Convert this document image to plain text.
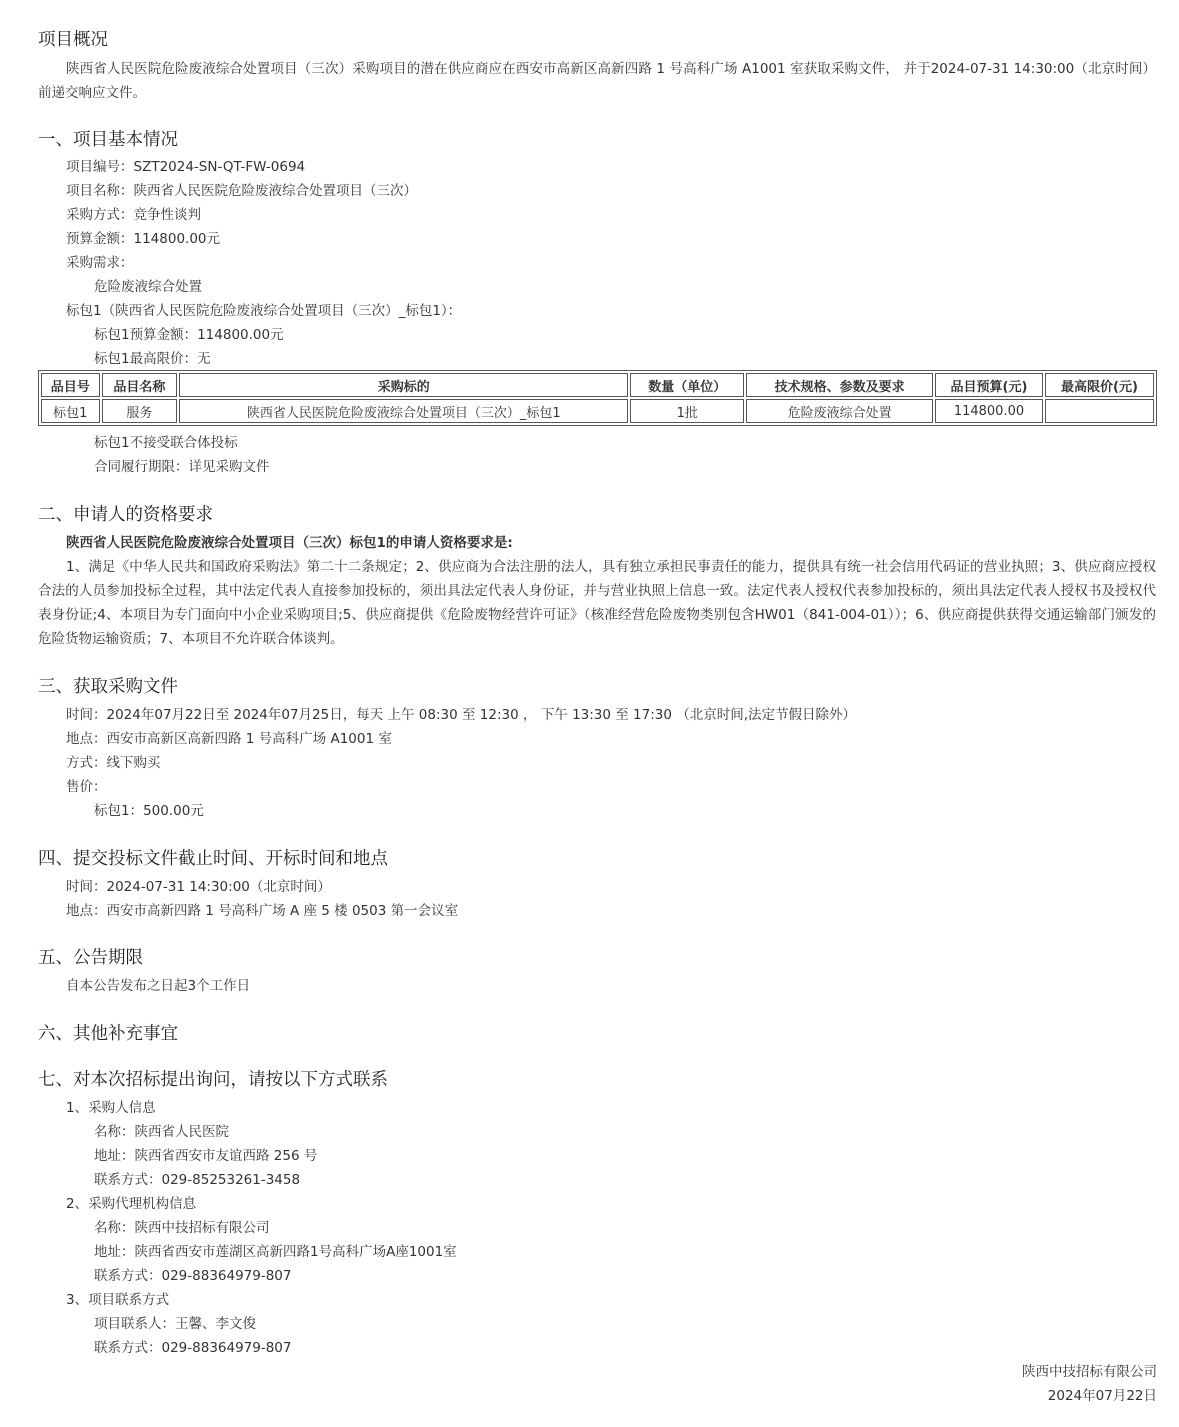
项目概况
陕西省人民医院危险废液综合处置项目（三次）采购项目的潜在供应商应在西安市高新区高新四路 1 号高科广场 A1001 室获取采购文件， 并于2024-07-31 14:30:00（北京时间）前递交响应文件。
一、项目基本情况
项目编号：SZT2024-SN-QT-FW-0694
项目名称：陕西省人民医院危险废液综合处置项目（三次）
采购方式：竞争性谈判
预算金额：114800.00元
采购需求：
危险废液综合处置
标包1（陕西省人民医院危险废液综合处置项目（三次）_标包1）：
标包1预算金额：114800.00元
标包1最高限价：无
品目号	品目名称	采购标的	数量（单位）	技术规格、参数及要求	品目预算(元)	最高限价(元)
标包1	服务	陕西省人民医院危险废液综合处置项目（三次）_标包1	1批	危险废液综合处置	114800.00	
标包1不接受联合体投标
合同履行期限：详见采购文件
二、申请人的资格要求
陕西省人民医院危险废液综合处置项目（三次）标包1的申请人资格要求是:
1、满足《中华人民共和国政府采购法》第二十二条规定；2、供应商为合法注册的法人，具有独立承担民事责任的能力，提供具有统一社会信用代码证的营业执照；3、供应商应授权合法的人员参加投标全过程，其中法定代表人直接参加投标的，须出具法定代表人身份证，并与营业执照上信息一致。法定代表人授权代表参加投标的，须出具法定代表人授权书及授权代表身份证;4、本项目为专门面向中小企业采购项目;5、供应商提供《危险废物经营许可证》（核准经营危险废物类别包含HW01（841-004-01））；6、供应商提供获得交通运输部门颁发的危险货物运输资质；7、本项目不允许联合体谈判。
三、获取采购文件
时间：2024年07月22日至 2024年07月25日，每天 上午 08:30 至 12:30 ， 下午 13:30 至 17:30 （北京时间,法定节假日除外）
地点：西安市高新区高新四路 1 号高科广场 A1001 室
方式：线下购买
售价：
标包1：500.00元
四、提交投标文件截止时间、开标时间和地点
时间：2024-07-31 14:30:00（北京时间）
地点：西安市高新四路 1 号高科广场 A 座 5 楼 0503 第一会议室
五、公告期限
自本公告发布之日起3个工作日
六、其他补充事宜
七、对本次招标提出询问，请按以下方式联系
1、采购人信息
名称：陕西省人民医院
地址：陕西省西安市友谊西路 256 号
联系方式：029-85253261-3458
2、采购代理机构信息
名称：陕西中技招标有限公司
地址：陕西省西安市莲湖区高新四路1号高科广场A座1001室
联系方式：029-88364979-807
3、项目联系方式
项目联系人：王馨、李文俊
联系方式：029-88364979-807
陕西中技招标有限公司
2024年07月22日
